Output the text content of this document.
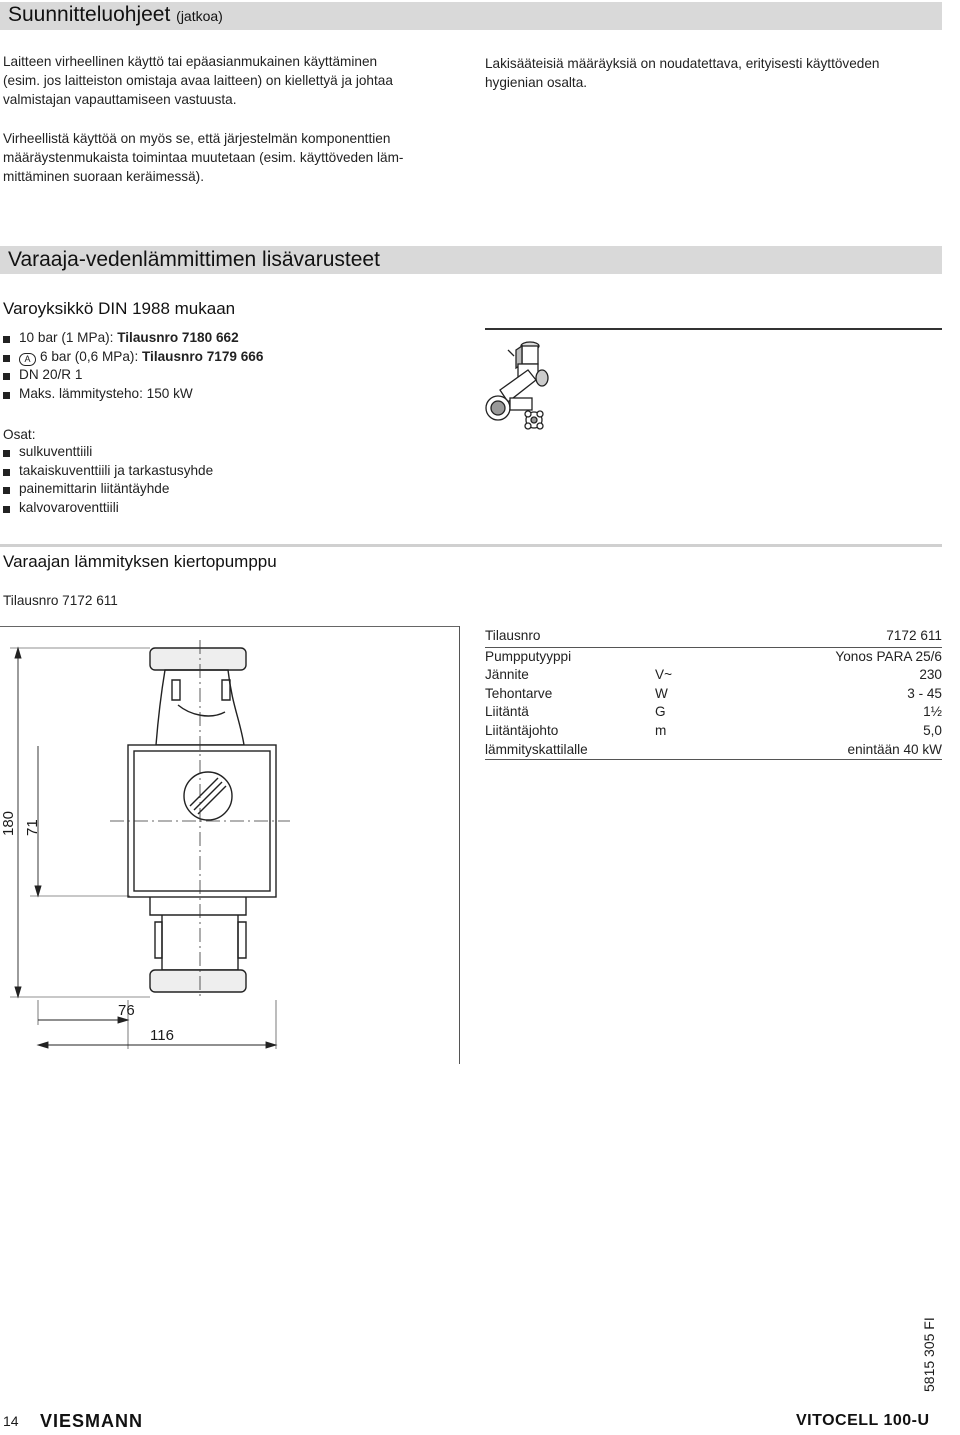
Suunnitteluohjeet (jatkoa)
Laitteen virheellinen käyttö tai epäasianmukainen käyttäminen
(esim. jos laitteiston omistaja avaa laitteen) on kiellettyä ja johtaa
valmistajan vapauttamiseen vastuusta.
Virheellistä käyttöä on myös se, että järjestelmän komponenttien
määräystenmukaista toimintaa muutetaan (esim. käyttöveden läm-
mittäminen suoraan keräimessä).
Lakisääteisiä määräyksiä on noudatettava, erityisesti käyttöveden
hygienian osalta.
Varaaja-vedenlämmittimen lisävarusteet
Varoyksikkö DIN 1988 mukaan
10 bar (1 MPa): Tilausnro 7180 662
A 6 bar (0,6 MPa): Tilausnro 7179 666
DN 20/R 1
Maks. lämmitysteho: 150 kW
Osat:
sulkuventtiili
takaiskuventtiili ja tarkastusyhde
painemittarin liitäntäyhde
kalvovaroventtiili
Varaajan lämmityksen kiertopumppu
Tilausnro 7172 611
180 71
76
116
Tilausnro		7172 611
Pumpputyyppi		Yonos PARA 25/6
Jännite	V~	230
Tehontarve	W	3 - 45
Liitäntä	G	1½
Liitäntäjohto	m	5,0
lämmityskattilalle		enintään 40 kW
14 VIESMANN	VITOCELL 100-U
5815 305 FI
